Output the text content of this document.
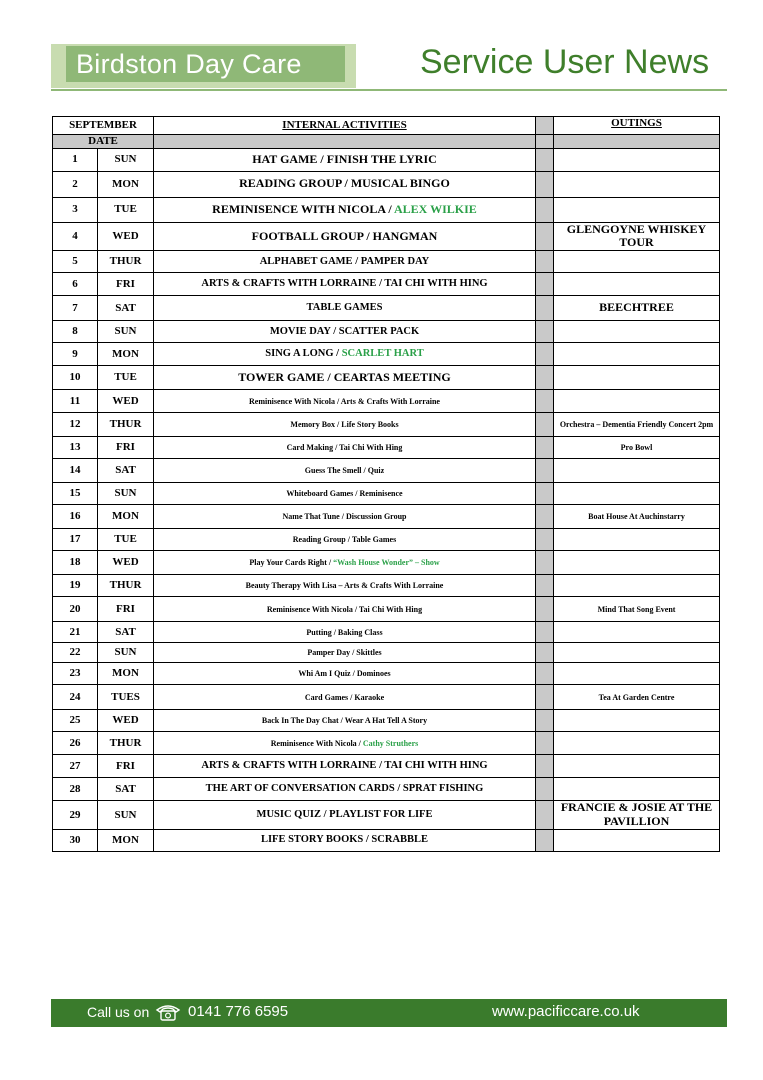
Birdston Day Care	Service User News
SEPTEMBER		INTERNAL ACTIVITIES		OUTINGS
DATE				
1	SUN	HAT GAME / FINISH THE LYRIC		
2	MON	READING GROUP / MUSICAL BINGO		
3	TUE	REMINISENCE WITH NICOLA / ALEX WILKIE		
4	WED	FOOTBALL GROUP / HANGMAN		GLENGOYNE WHISKEY TOUR
5	THUR	ALPHABET GAME / PAMPER DAY		
6	FRI	ARTS & CRAFTS WITH LORRAINE / TAI CHI WITH HING		
7	SAT	TABLE GAMES		BEECHTREE
8	SUN	MOVIE DAY / SCATTER PACK		
9	MON	SING A LONG / SCARLET HART		
10	TUE	TOWER GAME / CEARTAS MEETING		
11	WED	Reminisence With Nicola / Arts & Crafts With Lorraine		
12	THUR	Memory Box / Life Story Books		Orchestra – Dementia Friendly Concert 2pm
13	FRI	Card Making / Tai Chi With Hing		Pro Bowl
14	SAT	Guess The Smell / Quiz		
15	SUN	Whiteboard Games / Reminisence		
16	MON	Name That Tune / Discussion Group		Boat House At Auchinstarry
17	TUE	Reading Group / Table Games		
18	WED	Play Your Cards Right / “Wash House Wonder” – Show		
19	THUR	Beauty Therapy With Lisa – Arts & Crafts With Lorraine		
20	FRI	Reminisence With Nicola / Tai Chi With Hing		Mind That Song Event
21	SAT	Putting / Baking Class		
22	SUN	Pamper Day / Skittles		
23	MON	Whi Am I Quiz / Dominoes		
24	TUES	Card Games / Karaoke		Tea At Garden Centre
25	WED	Back In The Day Chat / Wear A Hat Tell A Story		
26	THUR	Reminisence With Nicola / Cathy Struthers		
27	FRI	ARTS & CRAFTS WITH LORRAINE / TAI CHI WITH HING		
28	SAT	THE ART OF CONVERSATION CARDS / SPRAT FISHING		
29	SUN	MUSIC QUIZ / PLAYLIST FOR LIFE		FRANCIE & JOSIE AT THE PAVILLION
30	MON	LIFE STORY BOOKS / SCRABBLE		
Call us on	0141 776 6595	www.pacificcare.co.uk
